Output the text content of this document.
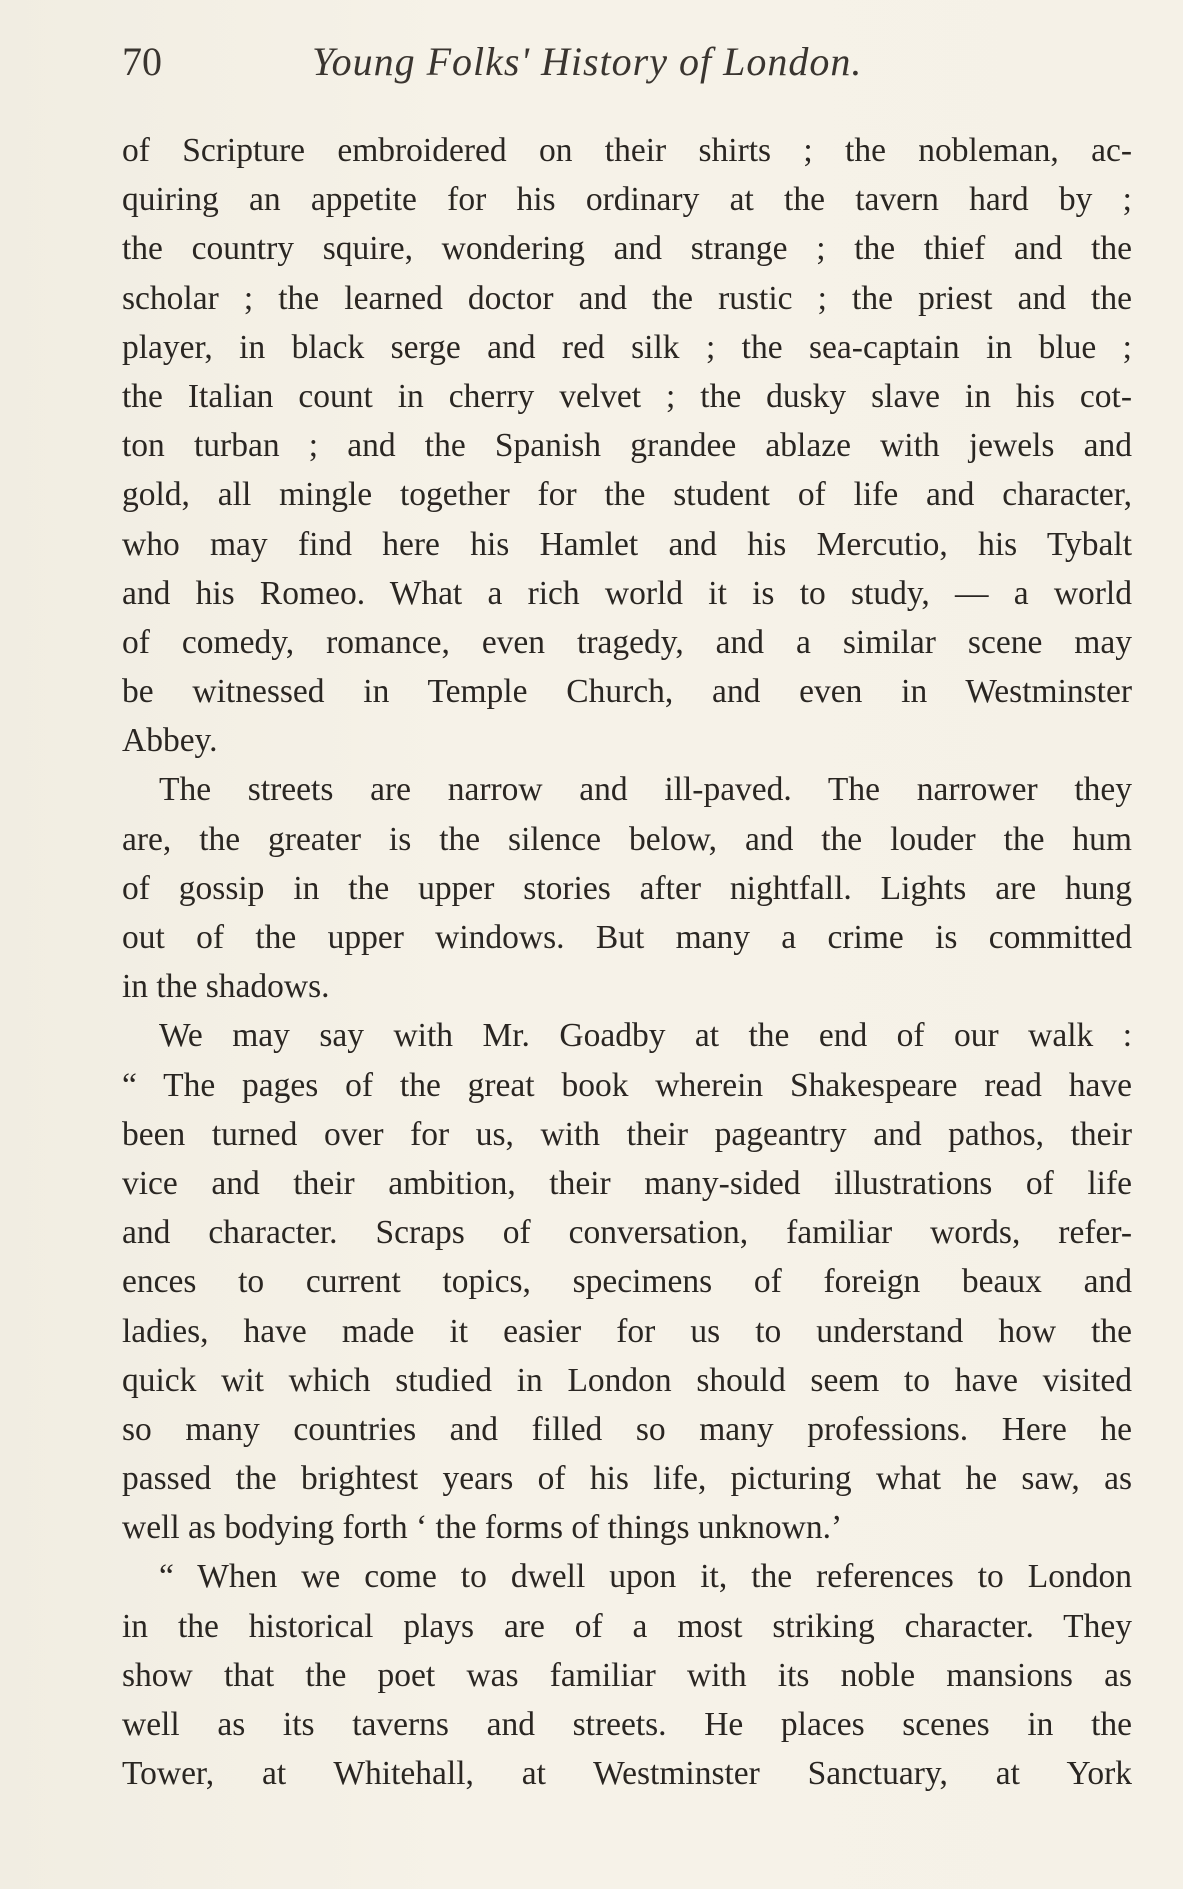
70	Young Folks' History of London.
of Scripture embroidered on their shirts ; the nobleman, ac-
quiring an appetite for his ordinary at the tavern hard by ;
the country squire, wondering and strange ; the thief and the
scholar ; the learned doctor and the rustic ; the priest and the
player, in black serge and red silk ; the sea-captain in blue ;
the Italian count in cherry velvet ; the dusky slave in his cot-
ton turban ; and the Spanish grandee ablaze with jewels and
gold, all mingle together for the student of life and character,
who may find here his Hamlet and his Mercutio, his Tybalt
and his Romeo. What a rich world it is to study, — a world
of comedy, romance, even tragedy, and a similar scene may
be witnessed in Temple Church, and even in Westminster
Abbey.
The streets are narrow and ill-paved. The narrower they
are, the greater is the silence below, and the louder the hum
of gossip in the upper stories after nightfall. Lights are hung
out of the upper windows. But many a crime is committed
in the shadows.
We may say with Mr. Goadby at the end of our walk :
“ The pages of the great book wherein Shakespeare read have
been turned over for us, with their pageantry and pathos, their
vice and their ambition, their many-sided illustrations of life
and character. Scraps of conversation, familiar words, refer-
ences to current topics, specimens of foreign beaux and
ladies, have made it easier for us to understand how the
quick wit which studied in London should seem to have visited
so many countries and filled so many professions. Here he
passed the brightest years of his life, picturing what he saw, as
well as bodying forth ‘ the forms of things unknown.’
“ When we come to dwell upon it, the references to London
in the historical plays are of a most striking character. They
show that the poet was familiar with its noble mansions as
well as its taverns and streets. He places scenes in the
Tower, at Whitehall, at Westminster Sanctuary, at York
